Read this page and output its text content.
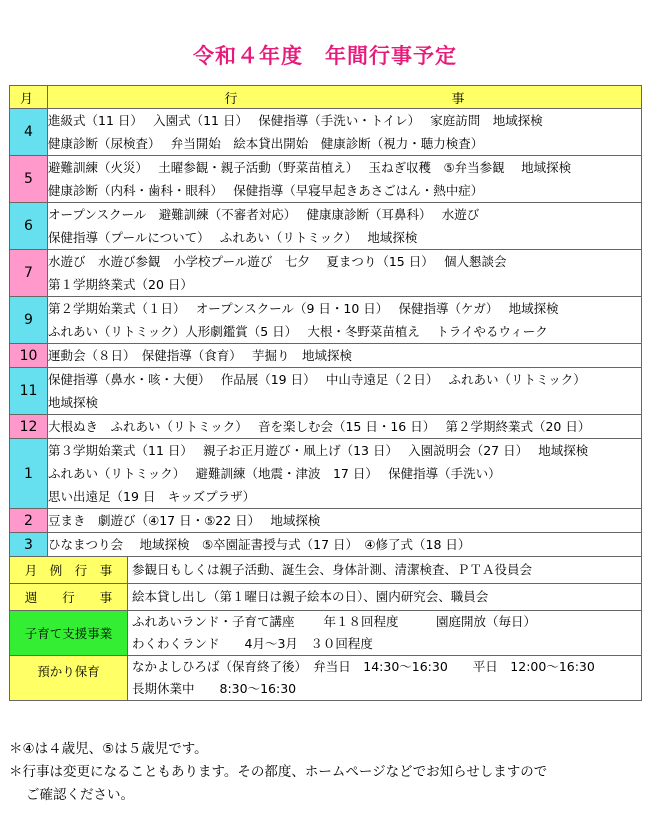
令和４年度　年間行事予定
月	行事	
4	進級式（11 日）　 入園式（11 日）　 保健指導（手洗い・トイレ）　 家庭訪問　地域探検
健康診断（尿検査）　 弁当開始　絵本貸出開始　健康診断（視力・聴力検査）	

5	避難訓練（火災）　 土曜参観・親子活動（野菜苗植え）　 玉ねぎ収穫　⑤弁当参観　 地域探検
健康診断（内科・歯科・眼科）　 保健指導（早寝早起きあさごはん・熱中症）	

6	オープンスクール　避難訓練（不審者対応）　 健康康診断（耳鼻科）　 水遊び
保健指導（プールについて）　 ふれあい（リトミック）　 地域探検	

7	水遊び　水遊び参観　小学校プール遊び　七夕　 夏まつり（15 日）　 個人懇談会
第１学期終業式（20 日）	

9	第２学期始業式（１日）　 オープンスクール（9 日・10 日）　 保健指導（ケガ）　 地域探検
ふれあい（リトミック）人形劇鑑賞（5 日）　 大根・冬野菜苗植え　 トライやるウィーク	

10	運動会（８日）　保健指導（食育）　 芋掘り　地域探検	

11	保健指導（鼻水・咳・大便）　 作品展（19 日）　 中山寺遠足（２日）　 ふれあい（リトミック）
地域探検	

12	大根ぬき　ふれあい（リトミック）　 音を楽しむ会（15 日・16 日）　 第２学期終業式（20 日）	

1	第３学期始業式（11 日）　 親子お正月遊び・凧上げ（13 日）　 入園説明会（27 日）　 地域探検
ふれあい（リトミック）　 避難訓練（地震・津波　17 日）　 保健指導（手洗い）
思い出遠足（19 日　キッズプラザ）	

2	豆まき　劇遊び（④17 日・⑤22 日）　 地域探検	

3	ひなまつり会　 地域探検　⑤卒園証書授与式（17 日）　④修了式（18 日）	

月　例　行　事		参観日もしくは親子活動、誕生会、身体計測、清潔検査、ＰＴＡ役員会

週　　行　　事		絵本貸し出し（第１曜日は親子絵本の日）、園内研究会、職員会

子育て支援事業		ふれあいランド・子育て講座　　 年１８回程度　　　園庭開放（毎日）
わくわくランド　　4月～3月　３０回程度

預かり保育		なかよしひろば（保育終了後）　弁当日　14:30～16:30　　平日　12:00～16:30
長期休業中　　8:30～16:30
＊④は４歳児、⑤は５歳児です。
＊行事は変更になることもあります。その都度、ホームページなどでお知らせしますので
ご確認ください。
